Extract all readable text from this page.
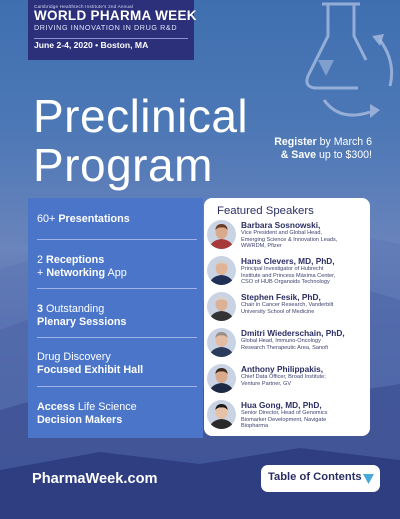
Cambridge Healthtech Institute's 2nd Annual
WORLD PHARMA WEEK
DRIVING INNOVATION IN DRUG R&D
June 2-4, 2020 • Boston, MA
Preclinical
Program	Register by March 6
& Save up to $300!
60+ Presentations
2 Receptions
+ Networking App
3 Outstanding
Plenary Sessions
Drug Discovery
Focused Exhibit Hall
Access Life Science
Decision Makers
Featured Speakers
Barbara Sosnowski,
Vice President and Global Head,
Emerging Science & Innovation Leads,
WWRDM, Pfizer
Hans Clevers, MD, PhD,
Principal Investigator of Hubrecht
Institute and Princess Máxima Center,
CSO of HUB Organoids Technology
Stephen Fesik, PhD,
Chair in Cancer Research, Vanderbilt
University School of Medicine
Dmitri Wiederschain, PhD,
Global Head, Immuno-Oncology
Research Therapeutic Area, Sanofi
Anthony Philippakis,
Chief Data Officer, Broad Institute;
Venture Partner, GV
Hua Gong, MD, PhD,
Senior Director, Head of Genomics
Biomarker Development, Navigate
Biopharma
PharmaWeek.com	Table of Contents
